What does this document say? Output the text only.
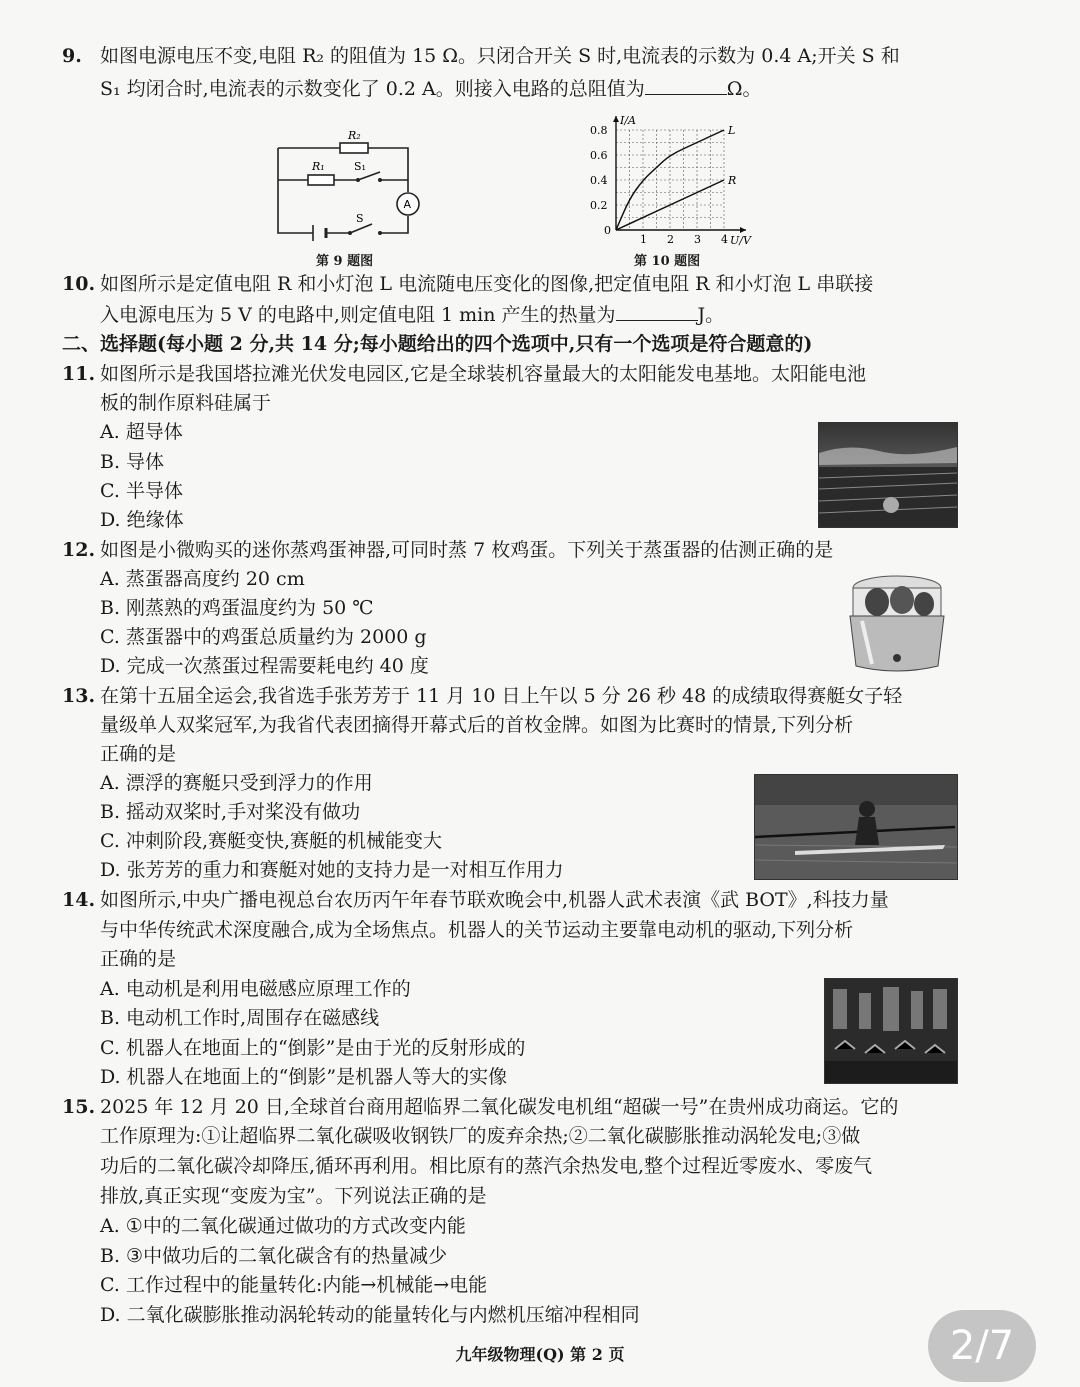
9. 如图电源电压不变,电阻 R₂ 的阻值为 15 Ω。只闭合开关 S 时,电流表的示数为 0.4 A;开关 S 和
S₁ 均闭合时,电流表的示数变化了 0.2 A。则接入电路的总阻值为	Ω。
R₂
R₁	S₁
S
A
第 9 题图
1 2 3 4
0.8
0.6
0.4
0.2
0
U/V
I/A
L
R
第 10 题图
10. 如图所示是定值电阻 R 和小灯泡 L 电流随电压变化的图像,把定值电阻 R 和小灯泡 L 串联接
入电源电压为 5 V 的电路中,则定值电阻 1 min 产生的热量为	J。
二、选择题(每小题 2 分,共 14 分;每小题给出的四个选项中,只有一个选项是符合题意的)
11. 如图所示是我国塔拉滩光伏发电园区,它是全球装机容量最大的太阳能发电基地。太阳能电池
板的制作原料硅属于
A. 超导体
B. 导体
C. 半导体
D. 绝缘体
12. 如图是小微购买的迷你蒸鸡蛋神器,可同时蒸 7 枚鸡蛋。下列关于蒸蛋器的估测正确的是
A. 蒸蛋器高度约 20 cm
B. 刚蒸熟的鸡蛋温度约为 50 ℃
C. 蒸蛋器中的鸡蛋总质量约为 2000 g
D. 完成一次蒸蛋过程需要耗电约 40 度
13. 在第十五届全运会,我省选手张芳芳于 11 月 10 日上午以 5 分 26 秒 48 的成绩取得赛艇女子轻
量级单人双桨冠军,为我省代表团摘得开幕式后的首枚金牌。如图为比赛时的情景,下列分析
正确的是
A. 漂浮的赛艇只受到浮力的作用
B. 摇动双桨时,手对桨没有做功
C. 冲刺阶段,赛艇变快,赛艇的机械能变大
D. 张芳芳的重力和赛艇对她的支持力是一对相互作用力
14. 如图所示,中央广播电视总台农历丙午年春节联欢晚会中,机器人武术表演《武 BOT》,科技力量
与中华传统武术深度融合,成为全场焦点。机器人的关节运动主要靠电动机的驱动,下列分析
正确的是
A. 电动机是利用电磁感应原理工作的
B. 电动机工作时,周围存在磁感线
C. 机器人在地面上的“倒影”是由于光的反射形成的
D. 机器人在地面上的“倒影”是机器人等大的实像
15. 2025 年 12 月 20 日,全球首台商用超临界二氧化碳发电机组“超碳一号”在贵州成功商运。它的
工作原理为:①让超临界二氧化碳吸收钢铁厂的废弃余热;②二氧化碳膨胀推动涡轮发电;③做
功后的二氧化碳冷却降压,循环再利用。相比原有的蒸汽余热发电,整个过程近零废水、零废气
排放,真正实现“变废为宝”。下列说法正确的是
A. ①中的二氧化碳通过做功的方式改变内能
B. ③中做功后的二氧化碳含有的热量减少
C. 工作过程中的能量转化:内能→机械能→电能
D. 二氧化碳膨胀推动涡轮转动的能量转化与内燃机压缩冲程相同
九年级物理(Q) 第 2 页	2/7
